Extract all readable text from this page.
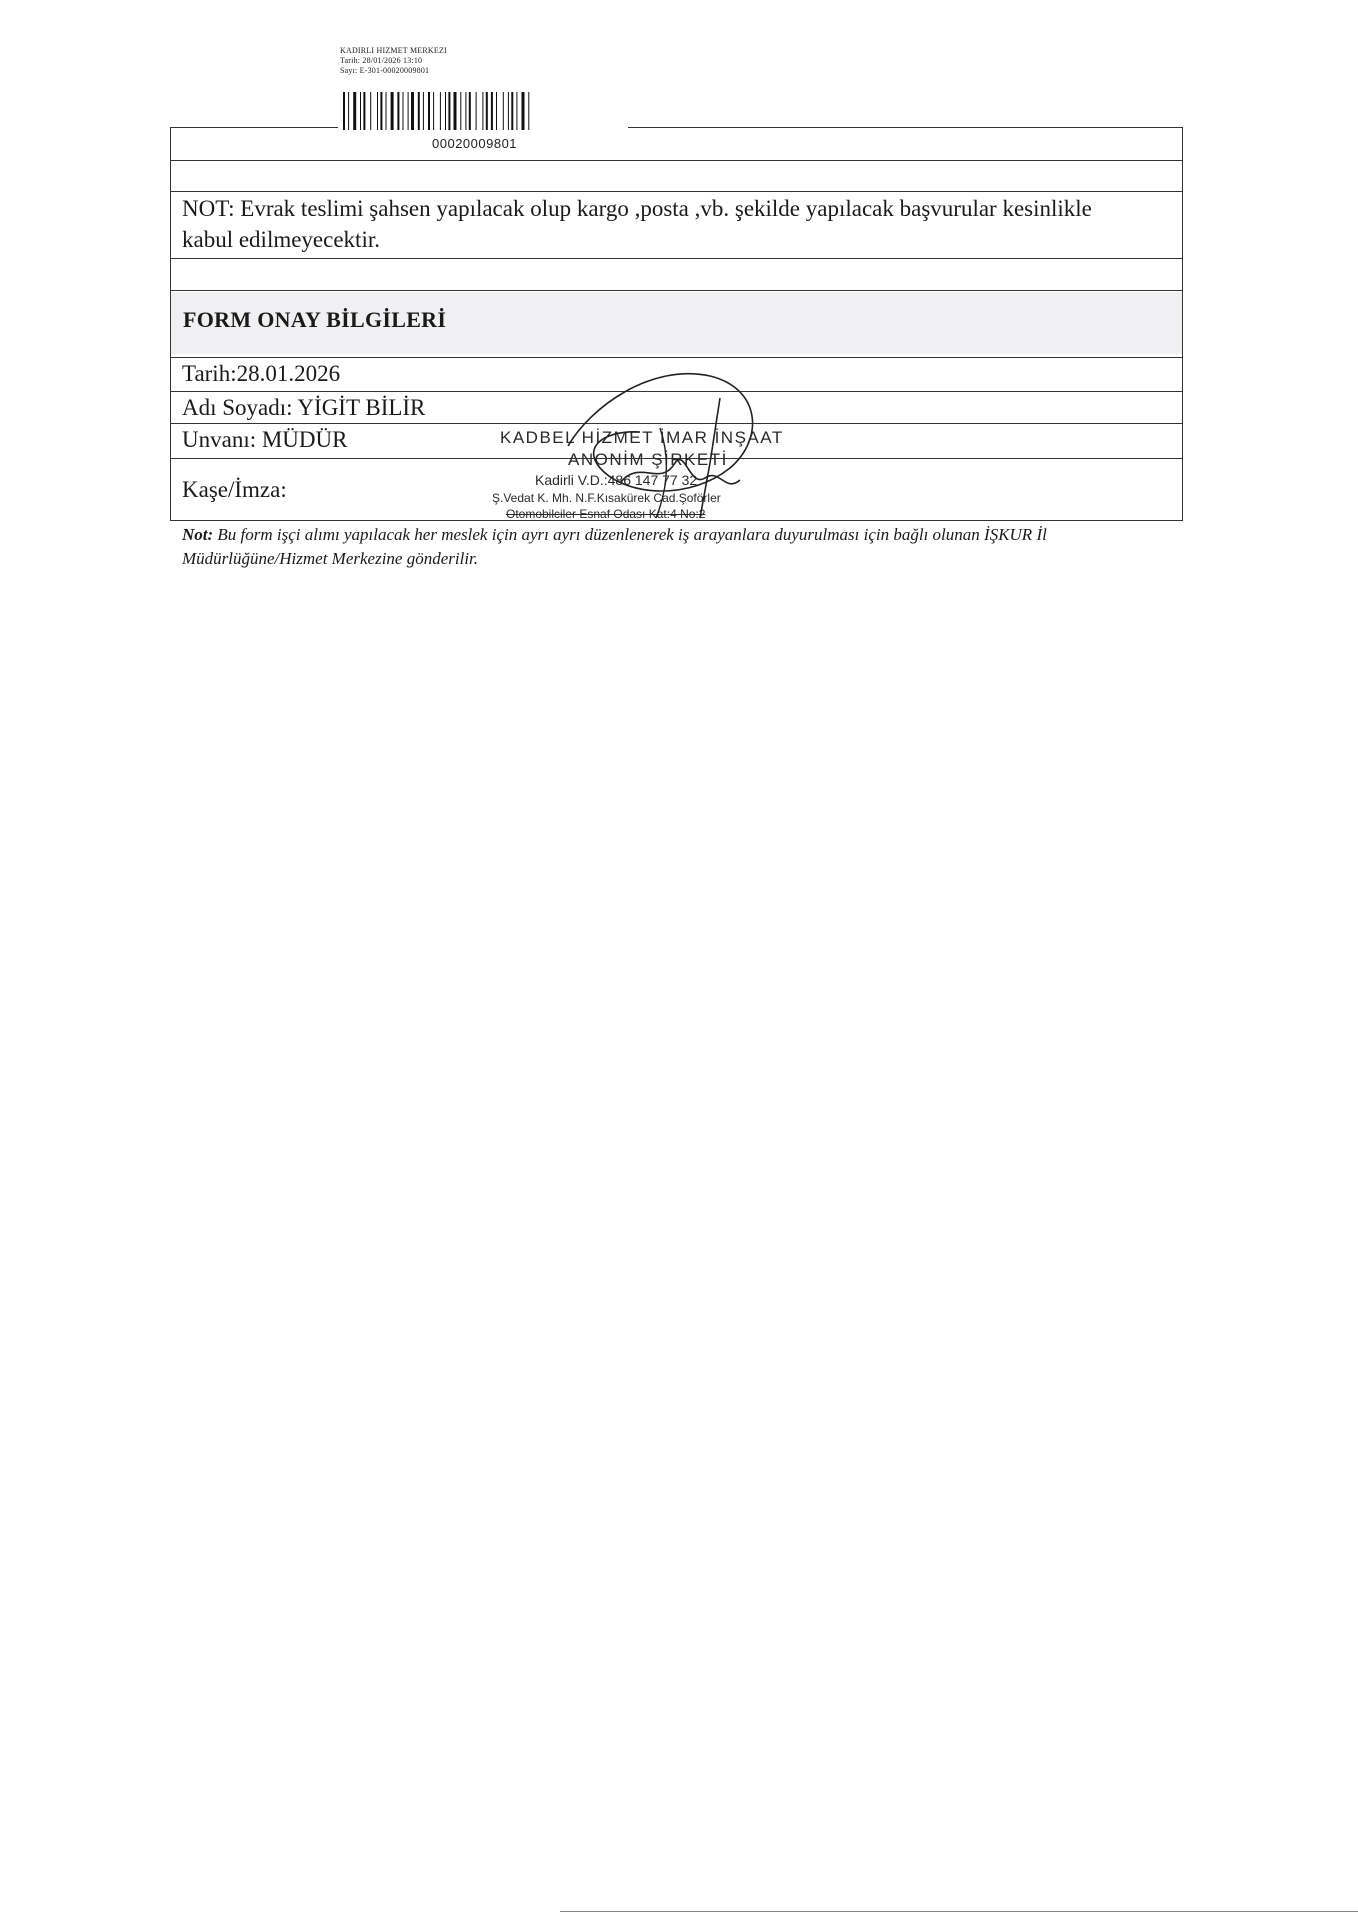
KADIRLI HIZMET MERKEZI
Tarih: 28/01/2026 13:10
Sayı: E-301-00020009801
00020009801
NOT: Evrak teslimi şahsen yapılacak olup kargo ,posta ,vb. şekilde yapılacak başvurular kesinlikle kabul edilmeyecektir.
FORM ONAY BİLGİLERİ
Tarih:28.01.2026
Adı Soyadı: YİGİT BİLİR
Unvanı: MÜDÜR
Kaşe/İmza:
KADBEL HİZMET İMAR İNŞAAT
ANONİM ŞİRKETİ
Kadirli V.D.:486 147 77 32
Ş.Vedat K. Mh. N.F.Kısakürek Cad.Şoförler
Otomobilciler Esnaf Odası Kat:4 No:2
Not: Bu form işçi alımı yapılacak her meslek için ayrı ayrı düzenlenerek iş arayanlara duyurulması için bağlı olunan İŞKUR İl Müdürlüğüne/Hizmet Merkezine gönderilir.
